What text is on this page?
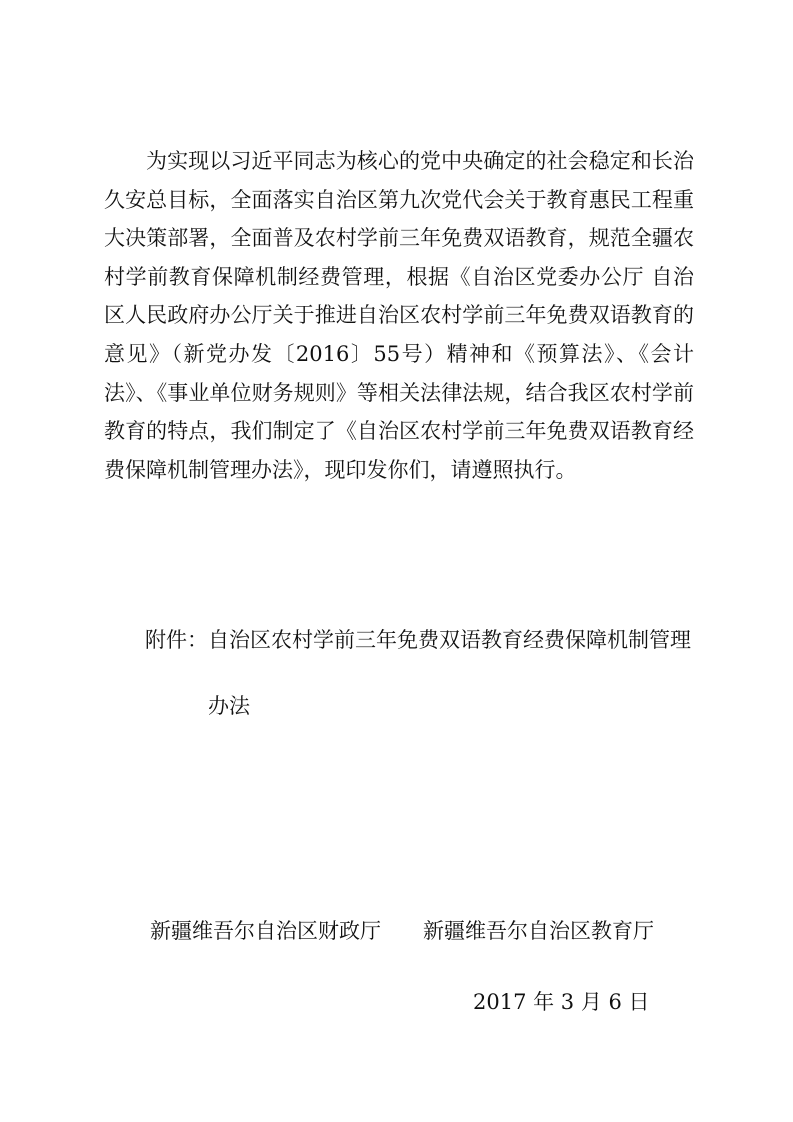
为实现以习近平同志为核心的党中央确定的社会稳定和长治久安总目标，全面落实自治区第九次党代会关于教育惠民工程重大决策部署，全面普及农村学前三年免费双语教育，规范全疆农村学前教育保障机制经费管理，根据《自治区党委办公厅 自治区人民政府办公厅关于推进自治区农村学前三年免费双语教育的意见》（新党办发〔2016〕55号）精神和《预算法》、《会计法》、《事业单位财务规则》等相关法律法规，结合我区农村学前教育的特点，我们制定了《自治区农村学前三年免费双语教育经费保障机制管理办法》，现印发你们，请遵照执行。

附件：自治区农村学前三年免费双语教育经费保障机制管理
办法
新疆维吾尔自治区财政厅 新疆维吾尔自治区教育厅
2017 年 3 月 6 日
